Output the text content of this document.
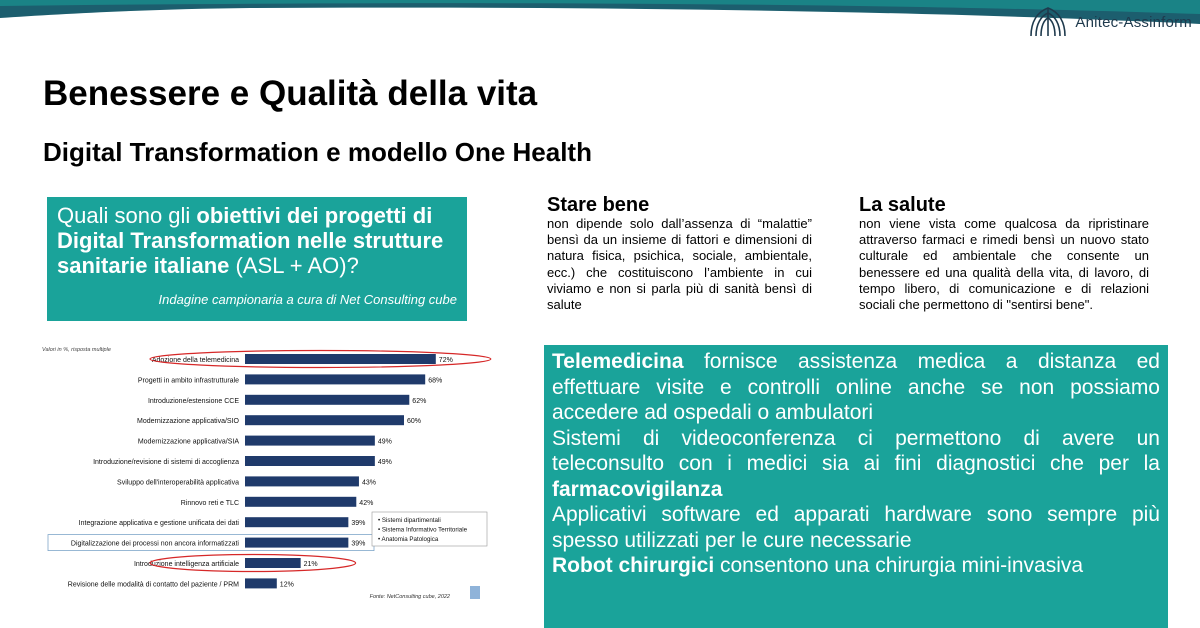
Anitec-Assinform
Benessere e Qualità della vita
Digital Transformation e modello One Health
Quali sono gli obiettivi dei progetti di Digital Transformation nelle strutture sanitarie italiane (ASL + AO)?
Indagine campionaria a cura di Net Consulting cube
Valori in %, risposta multiple
Adozione della telemedicina	72%
Progetti in ambito infrastrutturale	68%
Introduzione/estensione CCE	62%
Modernizzazione applicativa/SIO	60%
Modernizzazione applicativa/SIA	49%
Introduzione/revisione di sistemi di accoglienza	49%
Sviluppo dell'interoperabilità applicativa	43%
Rinnovo reti e TLC	42%
Integrazione applicativa e gestione unificata dei dati	39%
Digitalizzazione dei processi non ancora informatizzati	39%
Introduzione intelligenza artificiale	21%
Revisione delle modalità di contatto del paziente / PRM	12%
• Sistemi dipartimentali
• Sistema Informativo Territoriale
• Anatomia Patologica
Fonte: NetConsulting cube, 2022
Stare bene

non dipende solo dall’assenza di “malattie” bensì da un insieme di fattori e dimensioni di natura fisica, psichica, sociale, ambientale, ecc.) che costituiscono l’ambiente in cui viviamo e non si parla più di sanità bensì di salute

La salute

non viene vista come qualcosa da ripristinare attraverso farmaci e rimedi bensì un nuovo stato culturale ed ambientale che consente un benessere ed una qualità della vita, di lavoro, di tempo libero, di comunicazione e di relazioni sociali che permettono di "sentirsi bene".

Telemedicina fornisce assistenza medica a distanza ed effettuare visite e controlli online anche se non possiamo accedere ad ospedali o ambulatori

Sistemi di videoconferenza ci permettono di avere un teleconsulto con i medici sia ai fini diagnostici che per la farmacovigilanza

Applicativi software ed apparati hardware sono sempre più spesso utilizzati per le cure necessarie

Robot chirurgici consentono una chirurgia mini-invasiva
